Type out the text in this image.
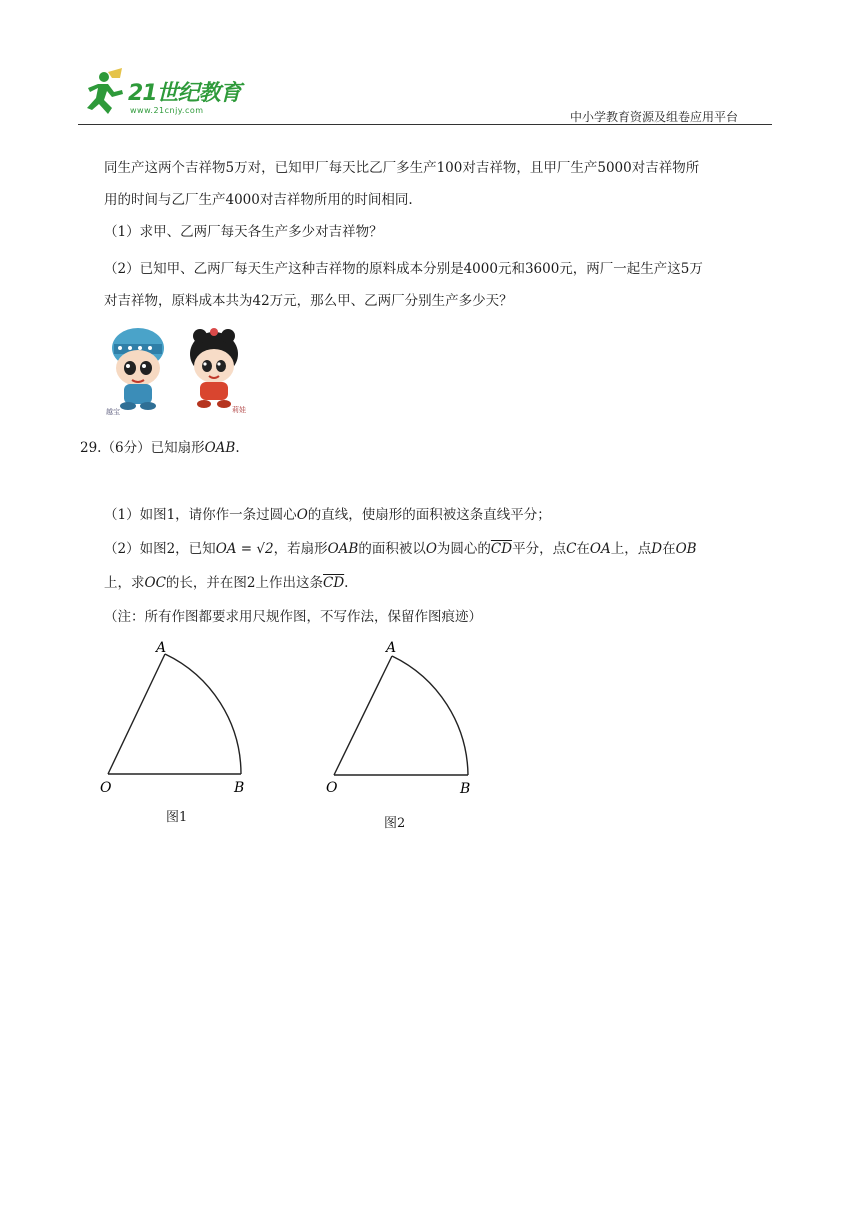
21世纪教育
www.21cnjy.com	中小学教育资源及组卷应用平台
同生产这两个吉祥物5万对，已知甲厂每天比乙厂多生产100对吉祥物，且甲厂生产5000对吉祥物所
用的时间与乙厂生产4000对吉祥物所用的时间相同.
（1）求甲、乙两厂每天各生产多少对吉祥物？
（2）已知甲、乙两厂每天生产这种吉祥物的原料成本分别是4000元和3600元，两厂一起生产这5万
对吉祥物，原料成本共为42万元，那么甲、乙两厂分别生产多少天？
越宝	莉娃
29.（6分）已知扇形OAB.
（1）如图1，请你作一条过圆心O的直线，使扇形的面积被这条直线平分；
（2）如图2，已知OA = √2，若扇形OAB的面积被以O为圆心的$\overline{CD}$平分，点C在OA上，点D在OB
上，求OC的长，并在图2上作出这条$\overline{CD}$.
（注：所有作图都要求用尺规作图，不写作法，保留作图痕迹）
A
O	B
图1
A
O	B
图2
